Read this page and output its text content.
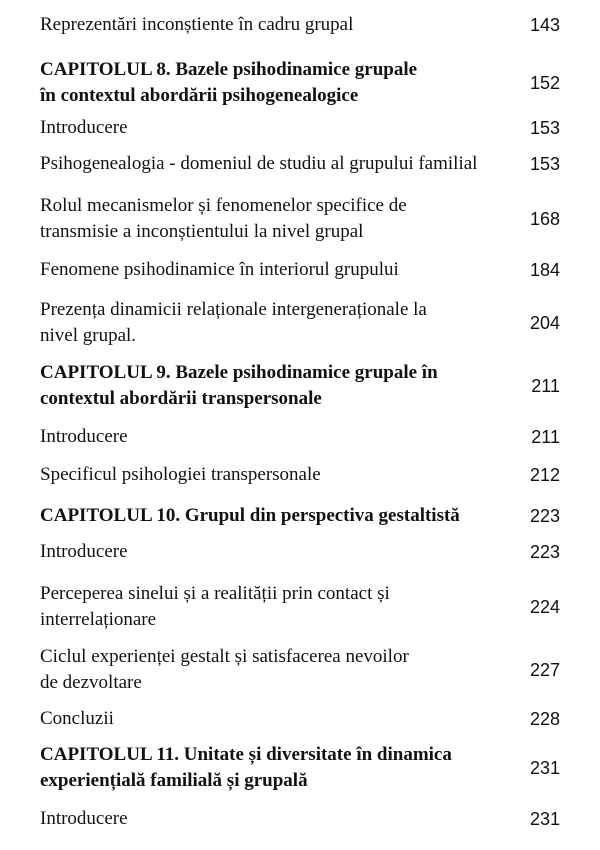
Reprezentări inconștiente în cadru grupal	143
CAPITOLUL 8. Bazele psihodinamice grupale
în contextul abordării psihogenealogice
152
Introducere	153
Psihogenealogia - domeniul de studiu al grupului familial	153
Rolul mecanismelor și fenomenelor specifice de
transmisie a inconștientului la nivel grupal
168
Fenomene psihodinamice în interiorul grupului	184
Prezența dinamicii relaționale intergeneraționale la
nivel grupal.
204
CAPITOLUL 9. Bazele psihodinamice grupale în
contextul abordării transpersonale
211
Introducere	211
Specificul psihologiei transpersonale	212
CAPITOLUL 10. Grupul din perspectiva gestaltistă	223
Introducere	223
Perceperea sinelui și a realității prin contact și
interrelaționare
224
Ciclul experienței gestalt și satisfacerea nevoilor
de dezvoltare
227
Concluzii	228
CAPITOLUL 11. Unitate și diversitate în dinamica
experiențială familială și grupală
231
Introducere	231
